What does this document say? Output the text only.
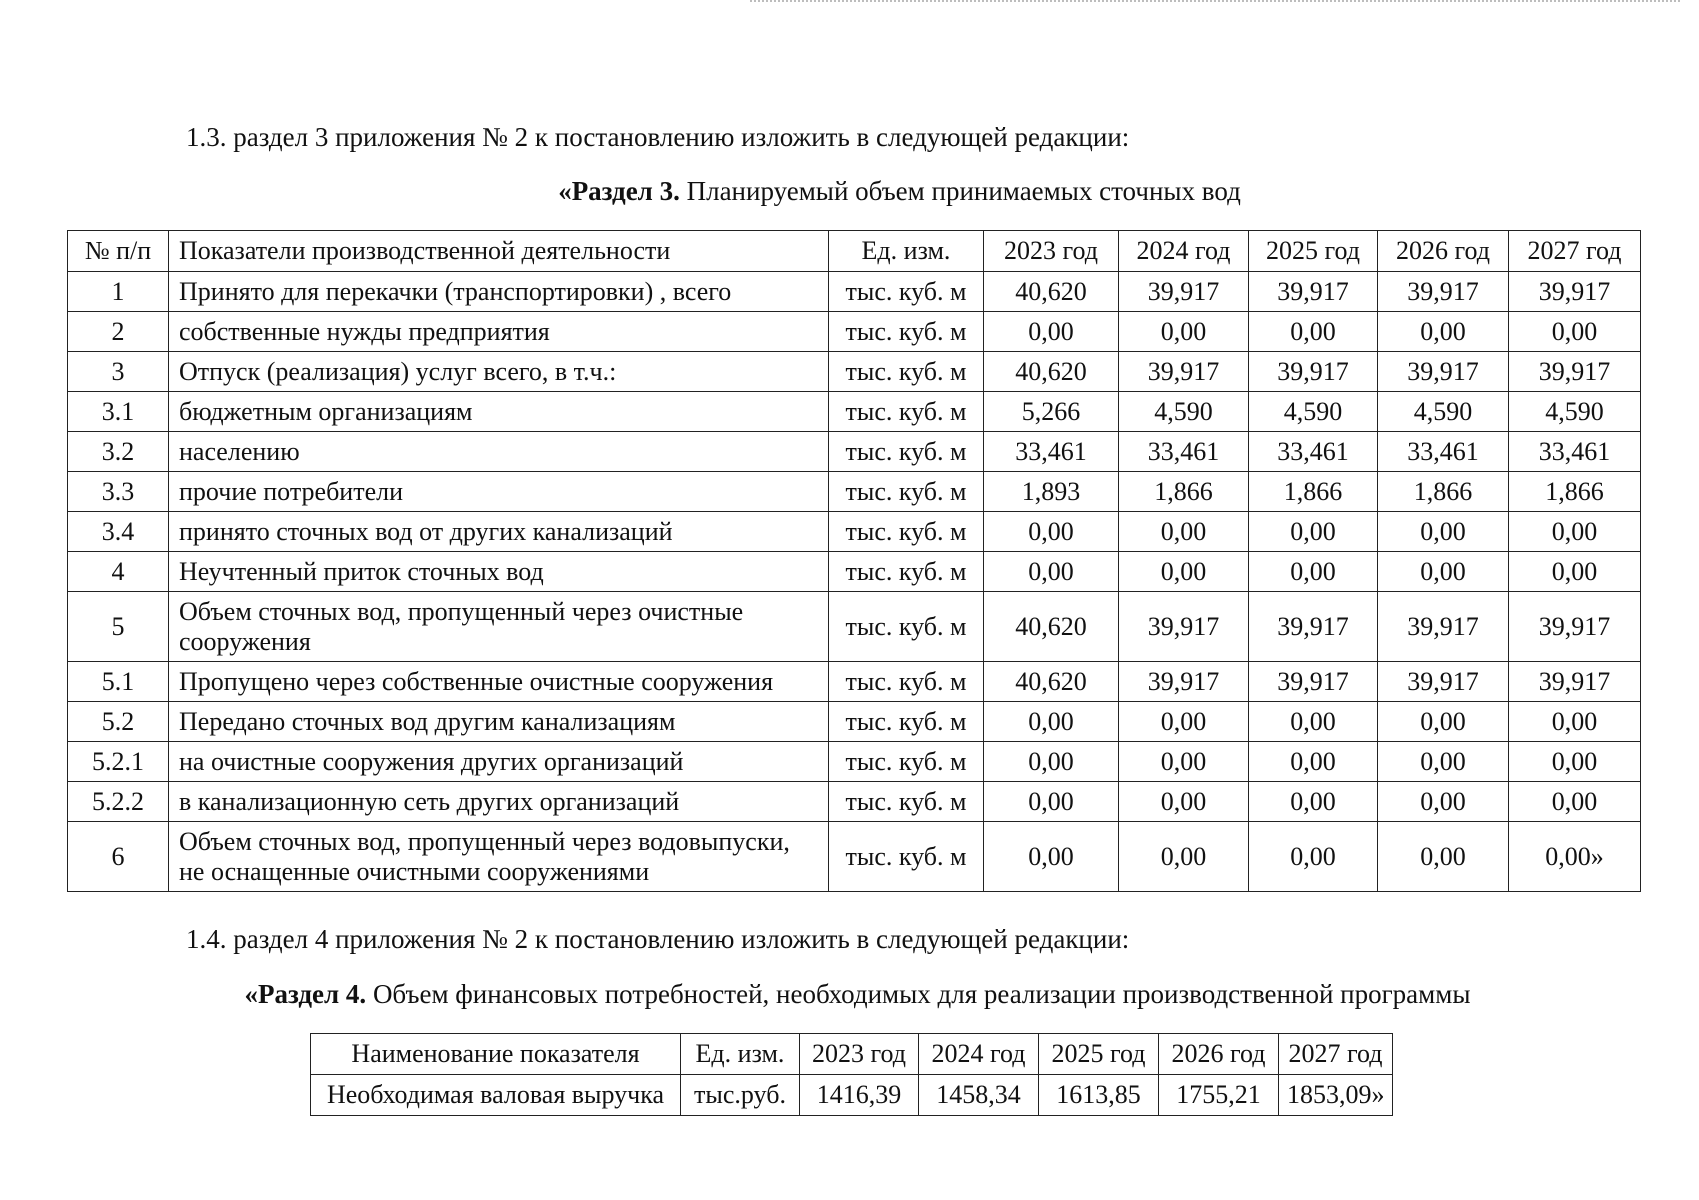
1.3. раздел 3 приложения № 2 к постановлению изложить в следующей редакции:
«Раздел 3. Планируемый объем принимаемых сточных вод
№ п/п	Показатели производственной деятельности	Ед. изм.	2023 год	2024 год	2025 год	2026 год	2027 год
1	Принято для перекачки (транспортировки) , всего	тыс. куб. м	40,620	39,917	39,917	39,917	39,917
2	собственные нужды предприятия	тыс. куб. м	0,00	0,00	0,00	0,00	0,00
3	Отпуск (реализация) услуг всего, в т.ч.:	тыс. куб. м	40,620	39,917	39,917	39,917	39,917
3.1	бюджетным организациям	тыс. куб. м	5,266	4,590	4,590	4,590	4,590
3.2	населению	тыс. куб. м	33,461	33,461	33,461	33,461	33,461
3.3	прочие потребители	тыс. куб. м	1,893	1,866	1,866	1,866	1,866
3.4	принято сточных вод от других канализаций	тыс. куб. м	0,00	0,00	0,00	0,00	0,00
4	Неучтенный приток сточных вод	тыс. куб. м	0,00	0,00	0,00	0,00	0,00
5	Объем сточных вод, пропущенный через очистные сооружения	тыс. куб. м	40,620	39,917	39,917	39,917	39,917
5.1	Пропущено через собственные очистные сооружения	тыс. куб. м	40,620	39,917	39,917	39,917	39,917
5.2	Передано сточных вод другим канализациям	тыс. куб. м	0,00	0,00	0,00	0,00	0,00
5.2.1	на очистные сооружения других организаций	тыс. куб. м	0,00	0,00	0,00	0,00	0,00
5.2.2	в канализационную сеть других организаций	тыс. куб. м	0,00	0,00	0,00	0,00	0,00
6	Объем сточных вод, пропущенный через водовыпуски, не оснащенные очистными сооружениями	тыс. куб. м	0,00	0,00	0,00	0,00	0,00»
1.4. раздел 4 приложения № 2 к постановлению изложить в следующей редакции:
«Раздел 4. Объем финансовых потребностей, необходимых для реализации производственной программы
Наименование показателя	Ед. изм.	2023 год	2024 год	2025 год	2026 год	2027 год
Необходимая валовая выручка	тыс.руб.	1416,39	1458,34	1613,85	1755,21	1853,09»
